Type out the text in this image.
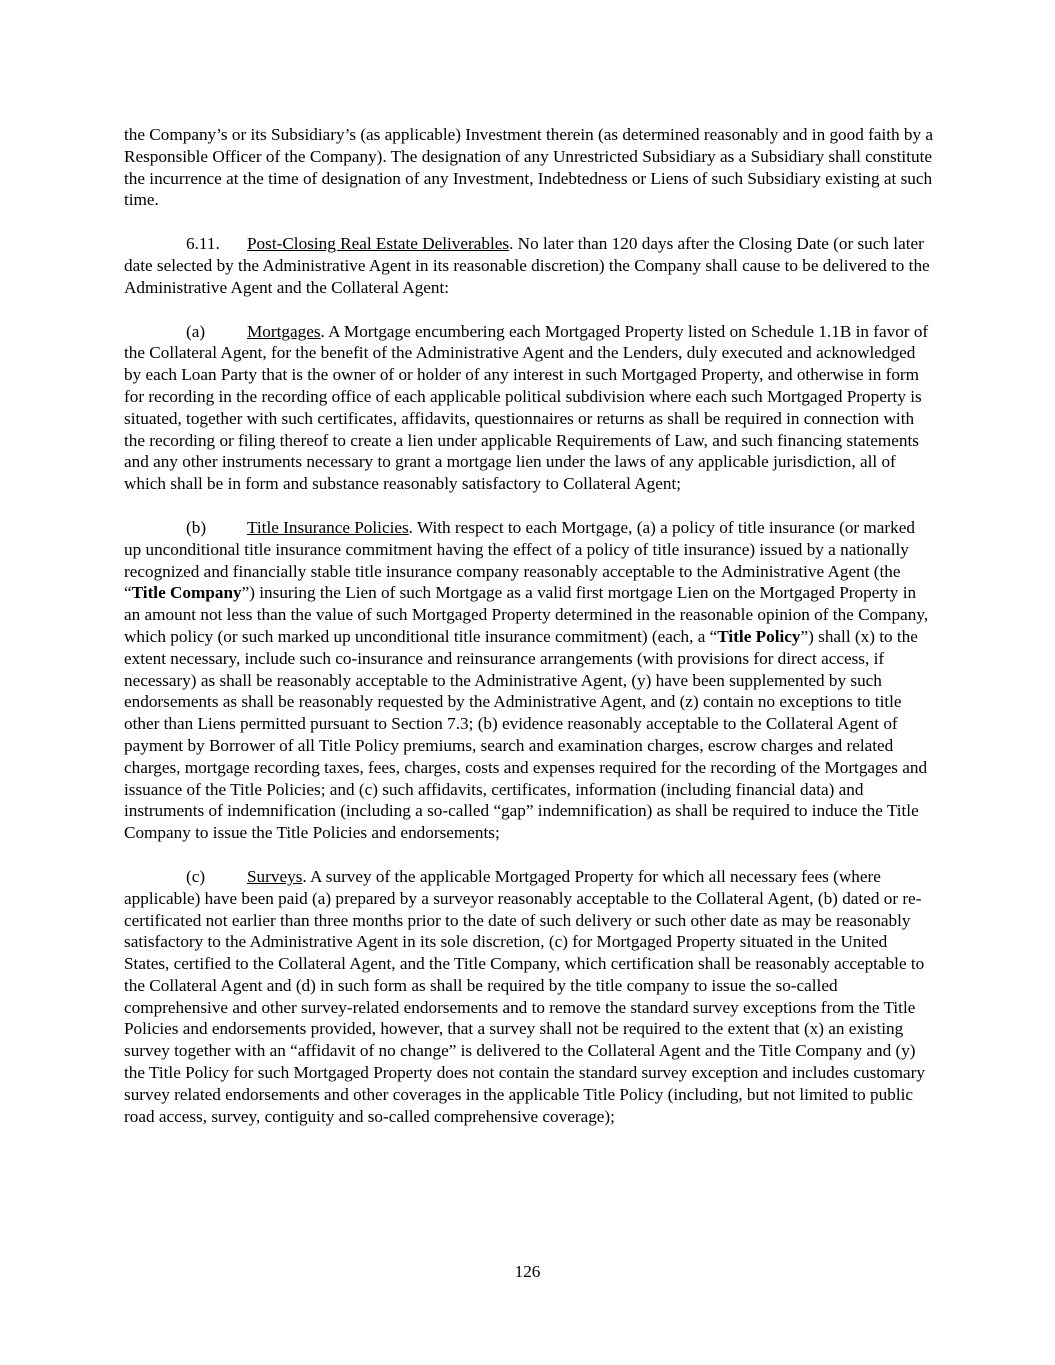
the Company’s or its Subsidiary’s (as applicable) Investment therein (as determined reasonably and in good faith by a Responsible Officer of the Company). The designation of any Unrestricted Subsidiary as a Subsidiary shall constitute the incurrence at the time of designation of any Investment, Indebtedness or Liens of such Subsidiary existing at such time.

6.11. Post-Closing Real Estate Deliverables. No later than 120 days after the Closing Date (or such later date selected by the Administrative Agent in its reasonable discretion) the Company shall cause to be delivered to the Administrative Agent and the Collateral Agent:

(a) Mortgages. A Mortgage encumbering each Mortgaged Property listed on Schedule 1.1B in favor of the Collateral Agent, for the benefit of the Administrative Agent and the Lenders, duly executed and acknowledged by each Loan Party that is the owner of or holder of any interest in such Mortgaged Property, and otherwise in form for recording in the recording office of each applicable political subdivision where each such Mortgaged Property is situated, together with such certificates, affidavits, questionnaires or returns as shall be required in connection with the recording or filing thereof to create a lien under applicable Requirements of Law, and such financing statements and any other instruments necessary to grant a mortgage lien under the laws of any applicable jurisdiction, all of which shall be in form and substance reasonably satisfactory to Collateral Agent;

(b) Title Insurance Policies. With respect to each Mortgage, (a) a policy of title insurance (or marked up unconditional title insurance commitment having the effect of a policy of title insurance) issued by a nationally recognized and financially stable title insurance company reasonably acceptable to the Administrative Agent (the “Title Company”) insuring the Lien of such Mortgage as a valid first mortgage Lien on the Mortgaged Property in an amount not less than the value of such Mortgaged Property determined in the reasonable opinion of the Company, which policy (or such marked up unconditional title insurance commitment) (each, a “Title Policy”) shall (x) to the extent necessary, include such co-insurance and reinsurance arrangements (with provisions for direct access, if necessary) as shall be reasonably acceptable to the Administrative Agent, (y) have been supplemented by such endorsements as shall be reasonably requested by the Administrative Agent, and (z) contain no exceptions to title other than Liens permitted pursuant to Section 7.3; (b) evidence reasonably acceptable to the Collateral Agent of payment by Borrower of all Title Policy premiums, search and examination charges, escrow charges and related charges, mortgage recording taxes, fees, charges, costs and expenses required for the recording of the Mortgages and issuance of the Title Policies; and (c) such affidavits, certificates, information (including financial data) and instruments of indemnification (including a so-called “gap” indemnification) as shall be required to induce the Title Company to issue the Title Policies and endorsements;

(c) Surveys. A survey of the applicable Mortgaged Property for which all necessary fees (where applicable) have been paid (a) prepared by a surveyor reasonably acceptable to the Collateral Agent, (b) dated or re-certificated not earlier than three months prior to the date of such delivery or such other date as may be reasonably satisfactory to the Administrative Agent in its sole discretion, (c) for Mortgaged Property situated in the United States, certified to the Collateral Agent, and the Title Company, which certification shall be reasonably acceptable to the Collateral Agent and (d) in such form as shall be required by the title company to issue the so-called comprehensive and other survey-related endorsements and to remove the standard survey exceptions from the Title Policies and endorsements provided, however, that a survey shall not be required to the extent that (x) an existing survey together with an “affidavit of no change” is delivered to the Collateral Agent and the Title Company and (y) the Title Policy for such Mortgaged Property does not contain the standard survey exception and includes customary survey related endorsements and other coverages in the applicable Title Policy (including, but not limited to public road access, survey, contiguity and so-called comprehensive coverage);

126
